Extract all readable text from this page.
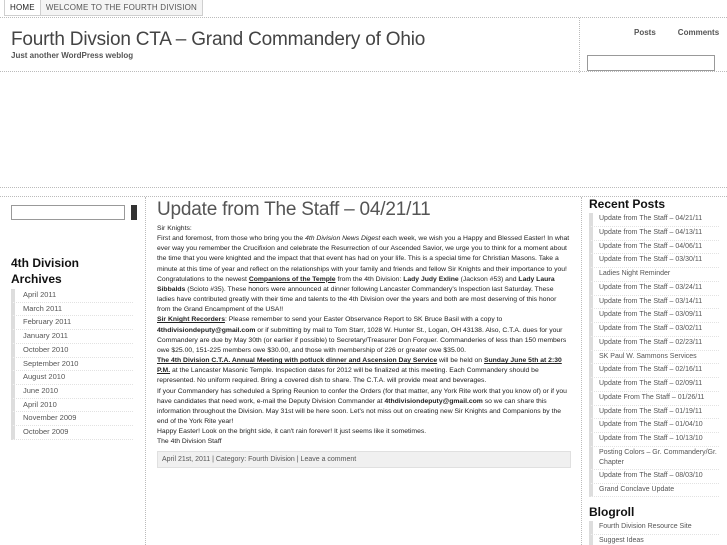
HOME	WELCOME TO THE FOURTH DIVISION
Fourth Divsion CTA – Grand Commandery of Ohio
Just another WordPress weblog
Posts	Comments
4th Division Archives
April 2011
March 2011
February 2011
January 2011
October 2010
September 2010
August 2010
June 2010
April 2010
November 2009
October 2009
Update from The Staff – 04/21/11

Sir Knights:

First and foremost, from those who bring you the 4th Division News Digest each week, we wish you a Happy and Blessed Easter! In what ever way you remember the Crucifixion and celebrate the Resurrection of our Ascended Savior, we urge you to think for a moment about the time that you were knighted and the impact that that event has had on your life. This is a special time for Christian Masons. Take a minute at this time of year and reflect on the relationships with your family and friends and fellow Sir Knights and their importance to you!

Congratulations to the newest Companions of the Temple from the 4th Division: Lady Judy Exline (Jackson #53) and Lady Laura Sibbalds (Scioto #35). These honors were announced at dinner following Lancaster Commandery's Inspection last Saturday. These ladies have contributed greatly with their time and talents to the 4th Division over the years and both are most deserving of this honor from the Grand Encampment of the USA!!

Sir Knight Recorders: Please remember to send your Easter Observance Report to SK Bruce Basil with a copy to 4thdivisiondeputy@gmail.com or if submitting by mail to Tom Starr, 1028 W. Hunter St., Logan, OH 43138. Also, C.T.A. dues for your Commandery are due by May 30th (or earlier if possible) to Secretary/Treasurer Don Forquer. Commanderies of less than 150 members owe $25.00, 151-225 members owe $30.00, and those with membership of 226 or greater owe $35.00.

The 4th Division C.T.A. Annual Meeting with potluck dinner and Ascension Day Service will be held on Sunday June 5th at 2:30 P.M. at the Lancaster Masonic Temple. Inspection dates for 2012 will be finalized at this meeting. Each Commandery should be represented. No uniform required. Bring a covered dish to share. The C.T.A. will provide meat and beverages.

If your Commandery has scheduled a Spring Reunion to confer the Orders (for that matter, any York Rite work that you know of) or if you have candidates that need work, e-mail the Deputy Division Commander at 4thdivisiondeputy@gmail.com so we can share this information throughout the Division. May 31st will be here soon. Let's not miss out on creating new Sir Knights and Companions by the end of the York Rite year!

Happy Easter! Look on the bright side, it can't rain forever! It just seems like it sometimes.

The 4th Division Staff

April 21st, 2011 | Category: Fourth Division | Leave a comment
Recent Posts
Update from The Staff – 04/21/11
Update from The Staff – 04/13/11
Update from The Staff – 04/06/11
Update from The Staff – 03/30/11
Ladies Night Reminder
Update from The Staff – 03/24/11
Update from The Staff – 03/14/11
Update from The Staff – 03/09/11
Update from The Staff – 03/02/11
Update from The Staff – 02/23/11
SK Paul W. Sammons Services
Update from The Staff – 02/16/11
Update from The Staff – 02/09/11
Update From The Staff – 01/26/11
Update from The Staff – 01/19/11
Update from The Staff – 01/04/10
Update from The Staff – 10/13/10
Posting Colors – Gr. Commandery/Gr. Chapter
Update from The Staff – 08/03/10
Grand Conclave Update
Blogroll
Fourth Division Resource Site
Suggest Ideas
